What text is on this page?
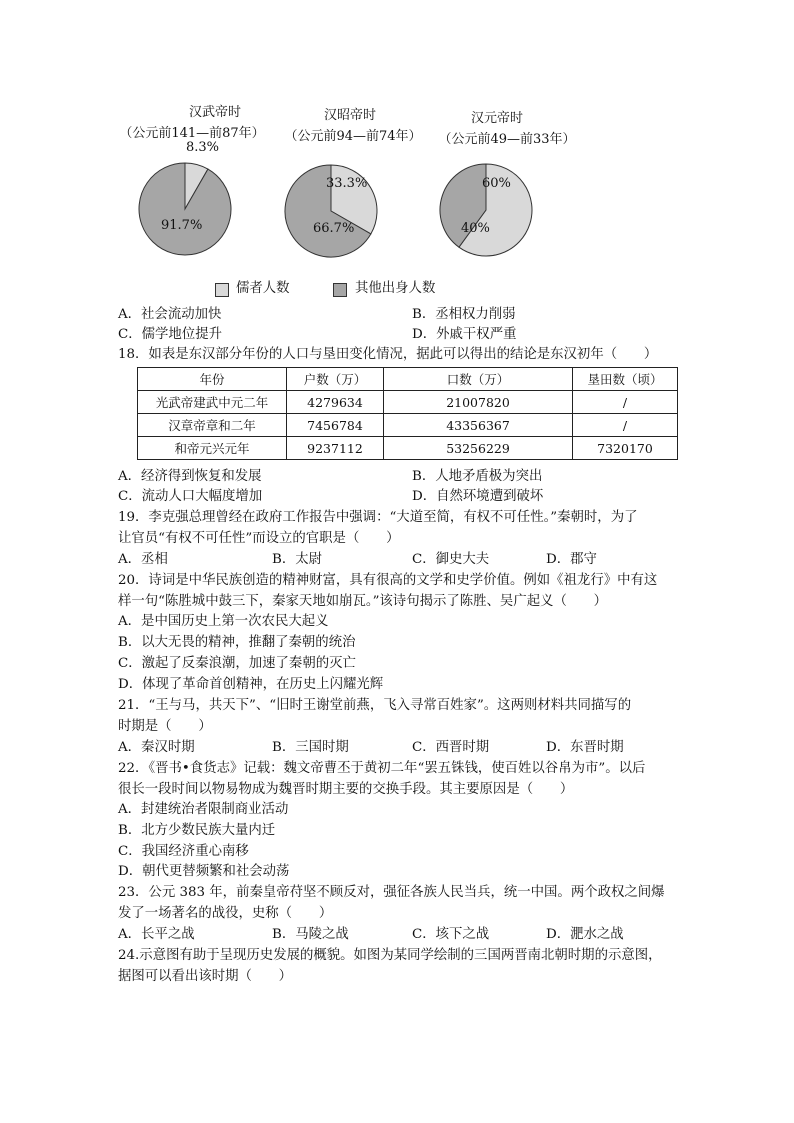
汉武帝时
（公元前141—前87年）
汉昭帝时
（公元前94—前74年）
汉元帝时
（公元前49—前33年）
8.3%
91.7%
33.3%
66.7%
60%
40%
儒者人数	其他出身人数
A．社会流动加快	B．丞相权力削弱
C．儒学地位提升	D．外戚干权严重
18．如表是东汉部分年份的人口与垦田变化情况，据此可以得出的结论是东汉初年（　　）
年份	户数（万）	口数（万）	垦田数（顷）
光武帝建武中元二年	4279634	21007820	/
汉章帝章和二年	7456784	43356367	/
和帝元兴元年	9237112	53256229	7320170
A．经济得到恢复和发展	B．人地矛盾极为突出
C．流动人口大幅度增加	D．自然环境遭到破坏
19．李克强总理曾经在政府工作报告中强调：“大道至简，有权不可任性。”秦朝时，为了
让官员“有权不可任性”而设立的官职是（　　）
A．丞相	B．太尉	C．御史大夫	D．郡守
20．诗词是中华民族创造的精神财富，具有很高的文学和史学价值。例如《祖龙行》中有这
样一句“陈胜城中鼓三下，秦家天地如崩瓦。”该诗句揭示了陈胜、吴广起义（　　）
A．是中国历史上第一次农民大起义
B．以大无畏的精神，推翻了秦朝的统治
C．激起了反秦浪潮，加速了秦朝的灭亡
D．体现了革命首创精神，在历史上闪耀光辉
21．“王与马，共天下”、“旧时王谢堂前燕，飞入寻常百姓家”。这两则材料共同描写的
时期是（　　）
A．秦汉时期	B．三国时期	C．西晋时期	D．东晋时期
22．《晋书•食货志》记载：魏文帝曹丕于黄初二年“罢五铢钱，使百姓以谷帛为市”。以后
很长一段时间以物易物成为魏晋时期主要的交换手段。其主要原因是（　　）
A．封建统治者限制商业活动
B．北方少数民族大量内迁
C．我国经济重心南移
D．朝代更替频繁和社会动荡
23．公元 383 年，前秦皇帝苻坚不顾反对，强征各族人民当兵，统一中国。两个政权之间爆
发了一场著名的战役，史称（　　）
A．长平之战	B．马陵之战	C．垓下之战	D．淝水之战
24.示意图有助于呈现历史发展的概貌。如图为某同学绘制的三国两晋南北朝时期的示意图，
据图可以看出该时期（　　）
